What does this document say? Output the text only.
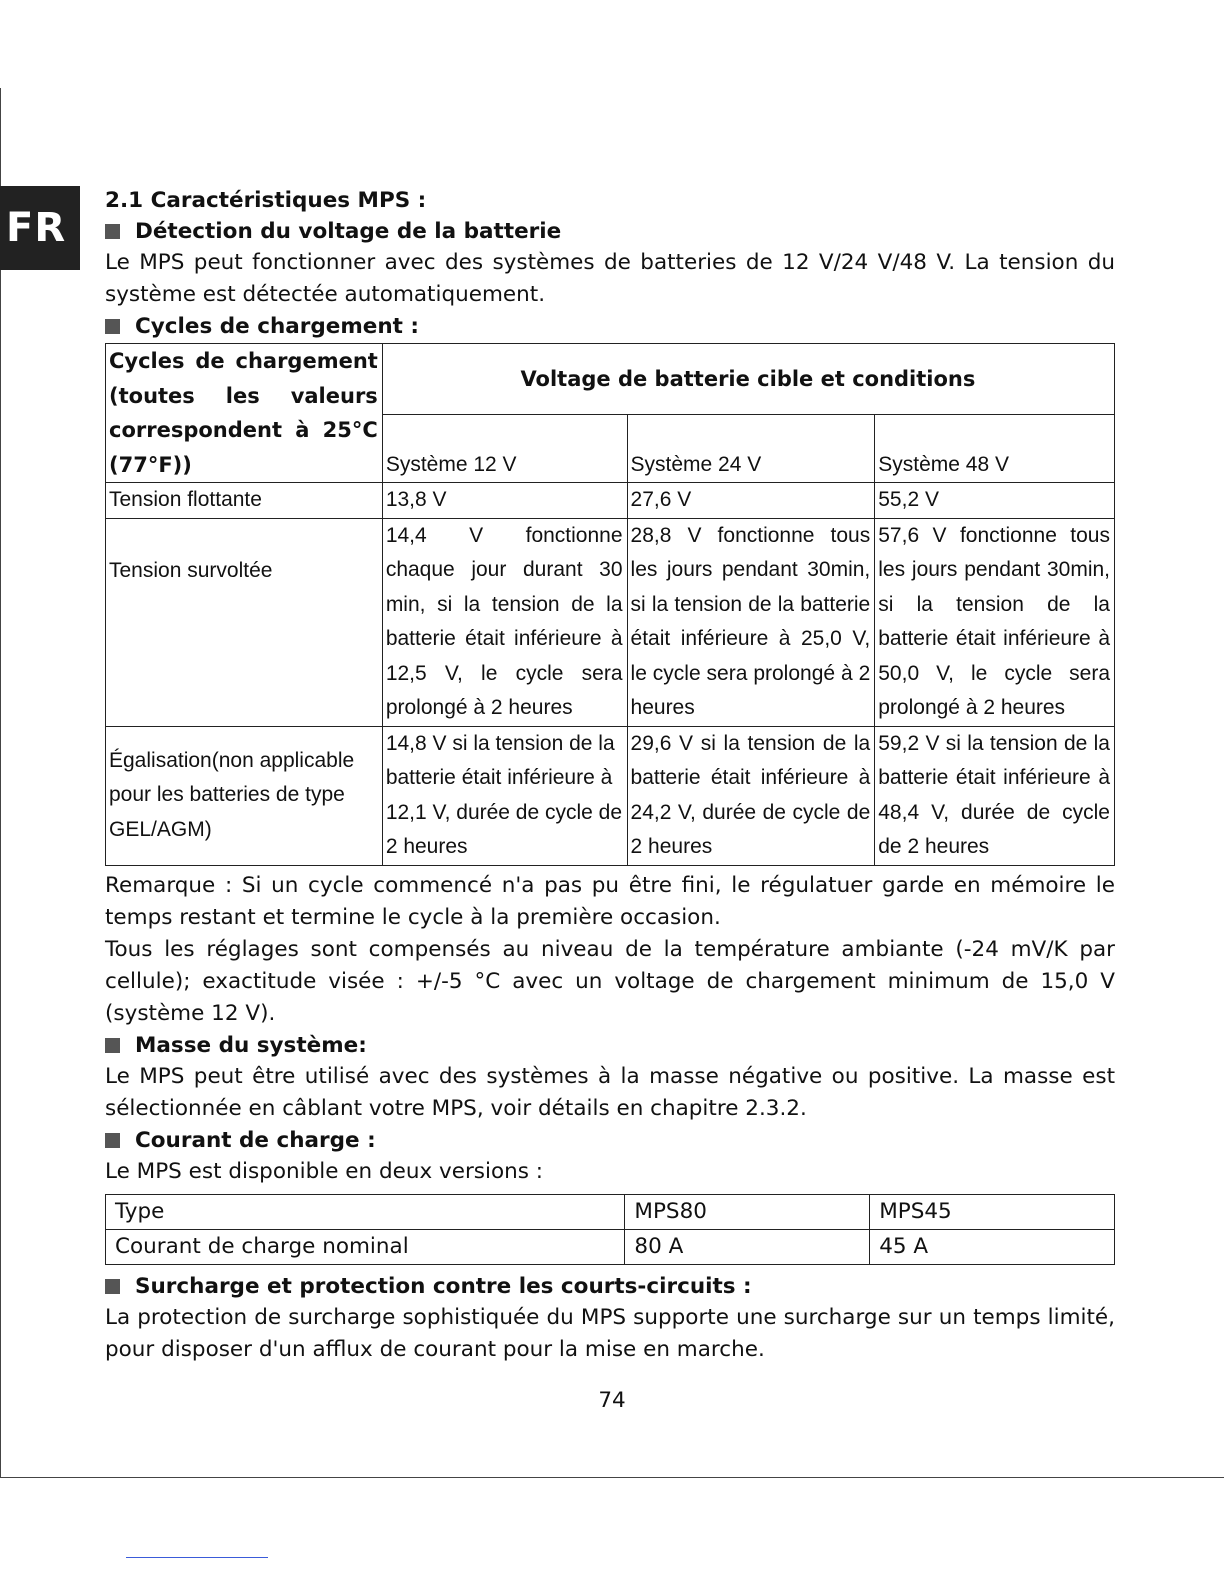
FR
2.1 Caractéristiques MPS :
Détection du voltage de la batterie

Le MPS peut fonctionner avec des systèmes de batteries de 12 V/24 V/48 V. La tension du système est détectée automatiquement.

Cycles de chargement :
Cycles de chargement (toutes les valeurs correspondent à 25°C (77°F))	Voltage de batterie cible et conditions		
	Système 12 V	Système 24 V	Système 48 V
Tension flottante	13,8 V	27,6 V	55,2 V
Tension survoltée	14,4 V fonctionne chaque jour durant 30 min, si la tension de la batterie était inférieure à 12,5 V, le cycle sera prolongé à 2 heures	28,8 V fonctionne tous les jours pendant 30min, si la tension de la batterie était inférieure à 25,0 V, le cycle sera prolongé à 2 heures	57,6 V fonctionne tous les jours pendant 30min, si la tension de la batterie était inférieure à 50,0 V, le cycle sera prolongé à 2 heures
Égalisation(non applicable pour les batteries de type GEL/AGM)	14,8 V si la tension de la batterie était inférieure à 12,1 V, durée de cycle de 2 heures	29,6 V si la tension de la batterie était inférieure à 24,2 V, durée de cycle de 2 heures	59,2 V si la tension de la batterie était inférieure à 48,4 V, durée de cycle de 2 heures

Remarque : Si un cycle commencé n'a pas pu être fini, le régulatuer garde en mémoire le temps restant et termine le cycle à la première occasion.

Tous les réglages sont compensés au niveau de la température ambiante (-24 mV/K par cellule); exactitude visée : +/-5 °C avec un voltage de chargement minimum de 15,0 V (système 12 V).

Masse du système:

Le MPS peut être utilisé avec des systèmes à la masse négative ou positive. La masse est sélectionnée en câblant votre MPS, voir détails en chapitre 2.3.2.

Courant de charge :

Le MPS est disponible en deux versions :

Type	MPS80	MPS45
Courant de charge nominal	80 A	45 A
Surcharge et protection contre les courts-circuits :

La protection de surcharge sophistiquée du MPS supporte une surcharge sur un temps limité, pour disposer d'un afflux de courant pour la mise en marche.

74
